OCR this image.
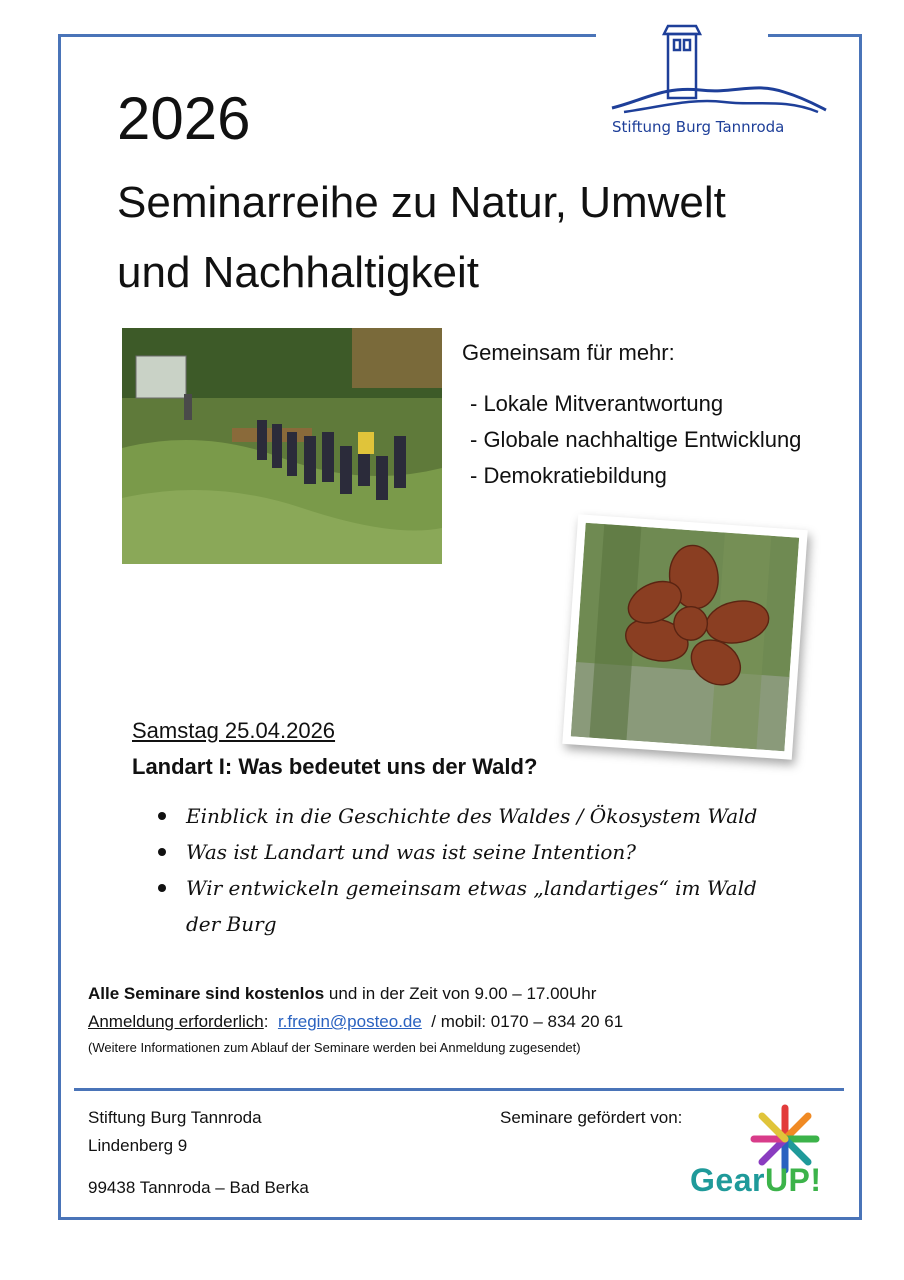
Stiftung Burg Tannroda
2026
Seminarreihe zu Natur, Umwelt
und Nachhaltigkeit
Gemeinsam für mehr:
- Lokale Mitverantwortung
- Globale nachhaltige Entwicklung
- Demokratiebildung
Samstag 25.04.2026
Landart I: Was bedeutet uns der Wald?
Einblick in die Geschichte des Waldes / Ökosystem Wald
Was ist Landart und was ist seine Intention?
Wir entwickeln gemeinsam etwas „landartiges“ im Wald der Burg
Alle Seminare sind kostenlos und in der Zeit von 9.00 – 17.00Uhr
Anmeldung erforderlich:  r.fregin@posteo.de  / mobil: 0170 – 834 20 61
(Weitere Informationen zum Ablauf der Seminare werden bei Anmeldung zugesendet)
Stiftung Burg Tannroda
Lindenberg 9
99438 Tannroda – Bad Berka
Seminare gefördert von:
GearUP!
